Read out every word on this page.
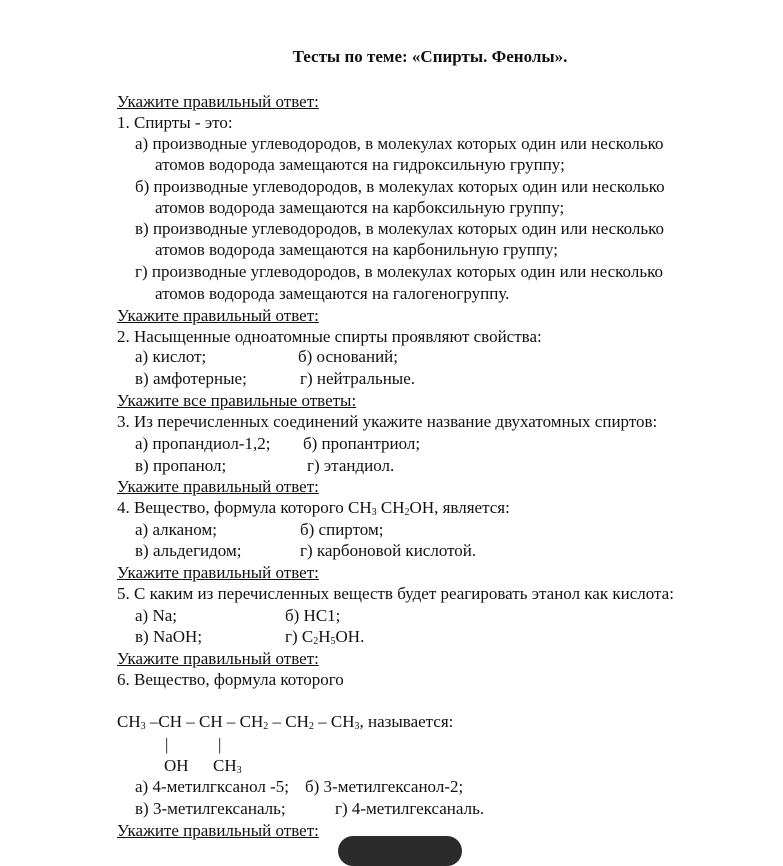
Тесты по теме: «Спирты. Фенолы».
Укажите правильный ответ:
1. Спирты - это:
а) производные углеводородов, в молекулах которых один или несколько
атомов водорода замещаются на гидроксильную группу;
б) производные углеводородов, в молекулах которых один или несколько
атомов водорода замещаются на карбоксильную группу;
в) производные углеводородов, в молекулах которых один или несколько
атомов водорода замещаются на карбонильную группу;
г) производные углеводородов, в молекулах которых один или несколько
атомов водорода замещаются на галогеногруппу.
Укажите правильный ответ:
2. Насыщенные одноатомные спирты проявляют свойства:
а) кислот;	б) оснований;
в) амфотерные;	г) нейтральные.
Укажите все правильные ответы:
3. Из перечисленных соединений укажите название двухатомных спиртов:
а) пропандиол-1,2; б) пропантриол;
в) пропанол;	г) этандиол.
Укажите правильный ответ:
4. Вещество, формула которого $CH_3$ $CH_2OH$, является:
а) алканом;	б) спиртом;
в) альдегидом;	г) карбоновой кислотой.
Укажите правильный ответ:
5. С каким из перечисленных веществ будет реагировать этанол как кислота:
а) Na;	б) HC1;
в) NaOH;	г) $C_2H_5OH$.
Укажите правильный ответ:
6. Вещество, формула которого
$CH_3$ –CH – CH – $CH_2 - CH_2 - CH_3$, называется:
|	|
OH $CH_3$
а) 4-метилгксанол -5; б) 3-метилгексанол-2;
в) 3-метилгексаналь;	г) 4-метилгексаналь.
Укажите правильный ответ:
